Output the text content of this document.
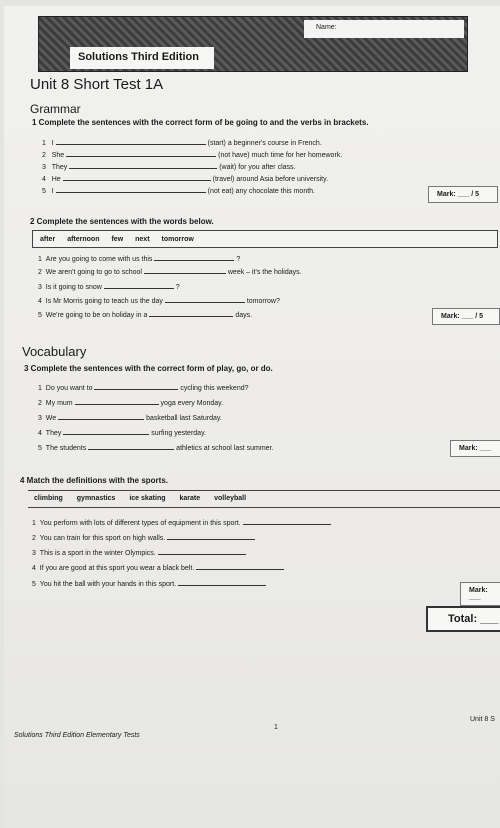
Name:
Solutions Third Edition
Unit 8 Short Test 1A
Grammar
1 Complete the sentences with the correct form of be going to and the verbs in brackets.
1 I	(start) a beginner's course in French.
2 She	(not have) much time for her homework.
3 They	(wait) for you after class.
4 He	(travel) around Asia before university.
5 I	(not eat) any chocolate this month.	Mark: ___ / 5
2 Complete the sentences with the words below.
after afternoon few next tomorrow
1 Are you going to come with us this	?
2 We aren't going to go to school	week – it's the holidays.
3 Is it going to snow	?
4 Is Mr Morris going to teach us the day	tomorrow?
5 We're going to be on holiday in a	days.	Mark: ___ / 5
Vocabulary
3 Complete the sentences with the correct form of play, go, or do.
1 Do you want to	cycling this weekend?
2 My mum	yoga every Monday.
3 We	basketball last Saturday.
4 They	surfing yesterday.
5 The students	athletics at school last summer.	Mark: ___
4 Match the definitions with the sports.
climbing gymnastics ice skating karate volleyball
1 You perform with lots of different types of equipment in this sport.
2 You can train for this sport on high walls.
3 This is a sport in the winter Olympics.
4 If you are good at this sport you wear a black belt.
5 You hit the ball with your hands in this sport.
Mark: ___
Total: ___
Solutions Third Edition Elementary Tests
1
Unit 8 S
